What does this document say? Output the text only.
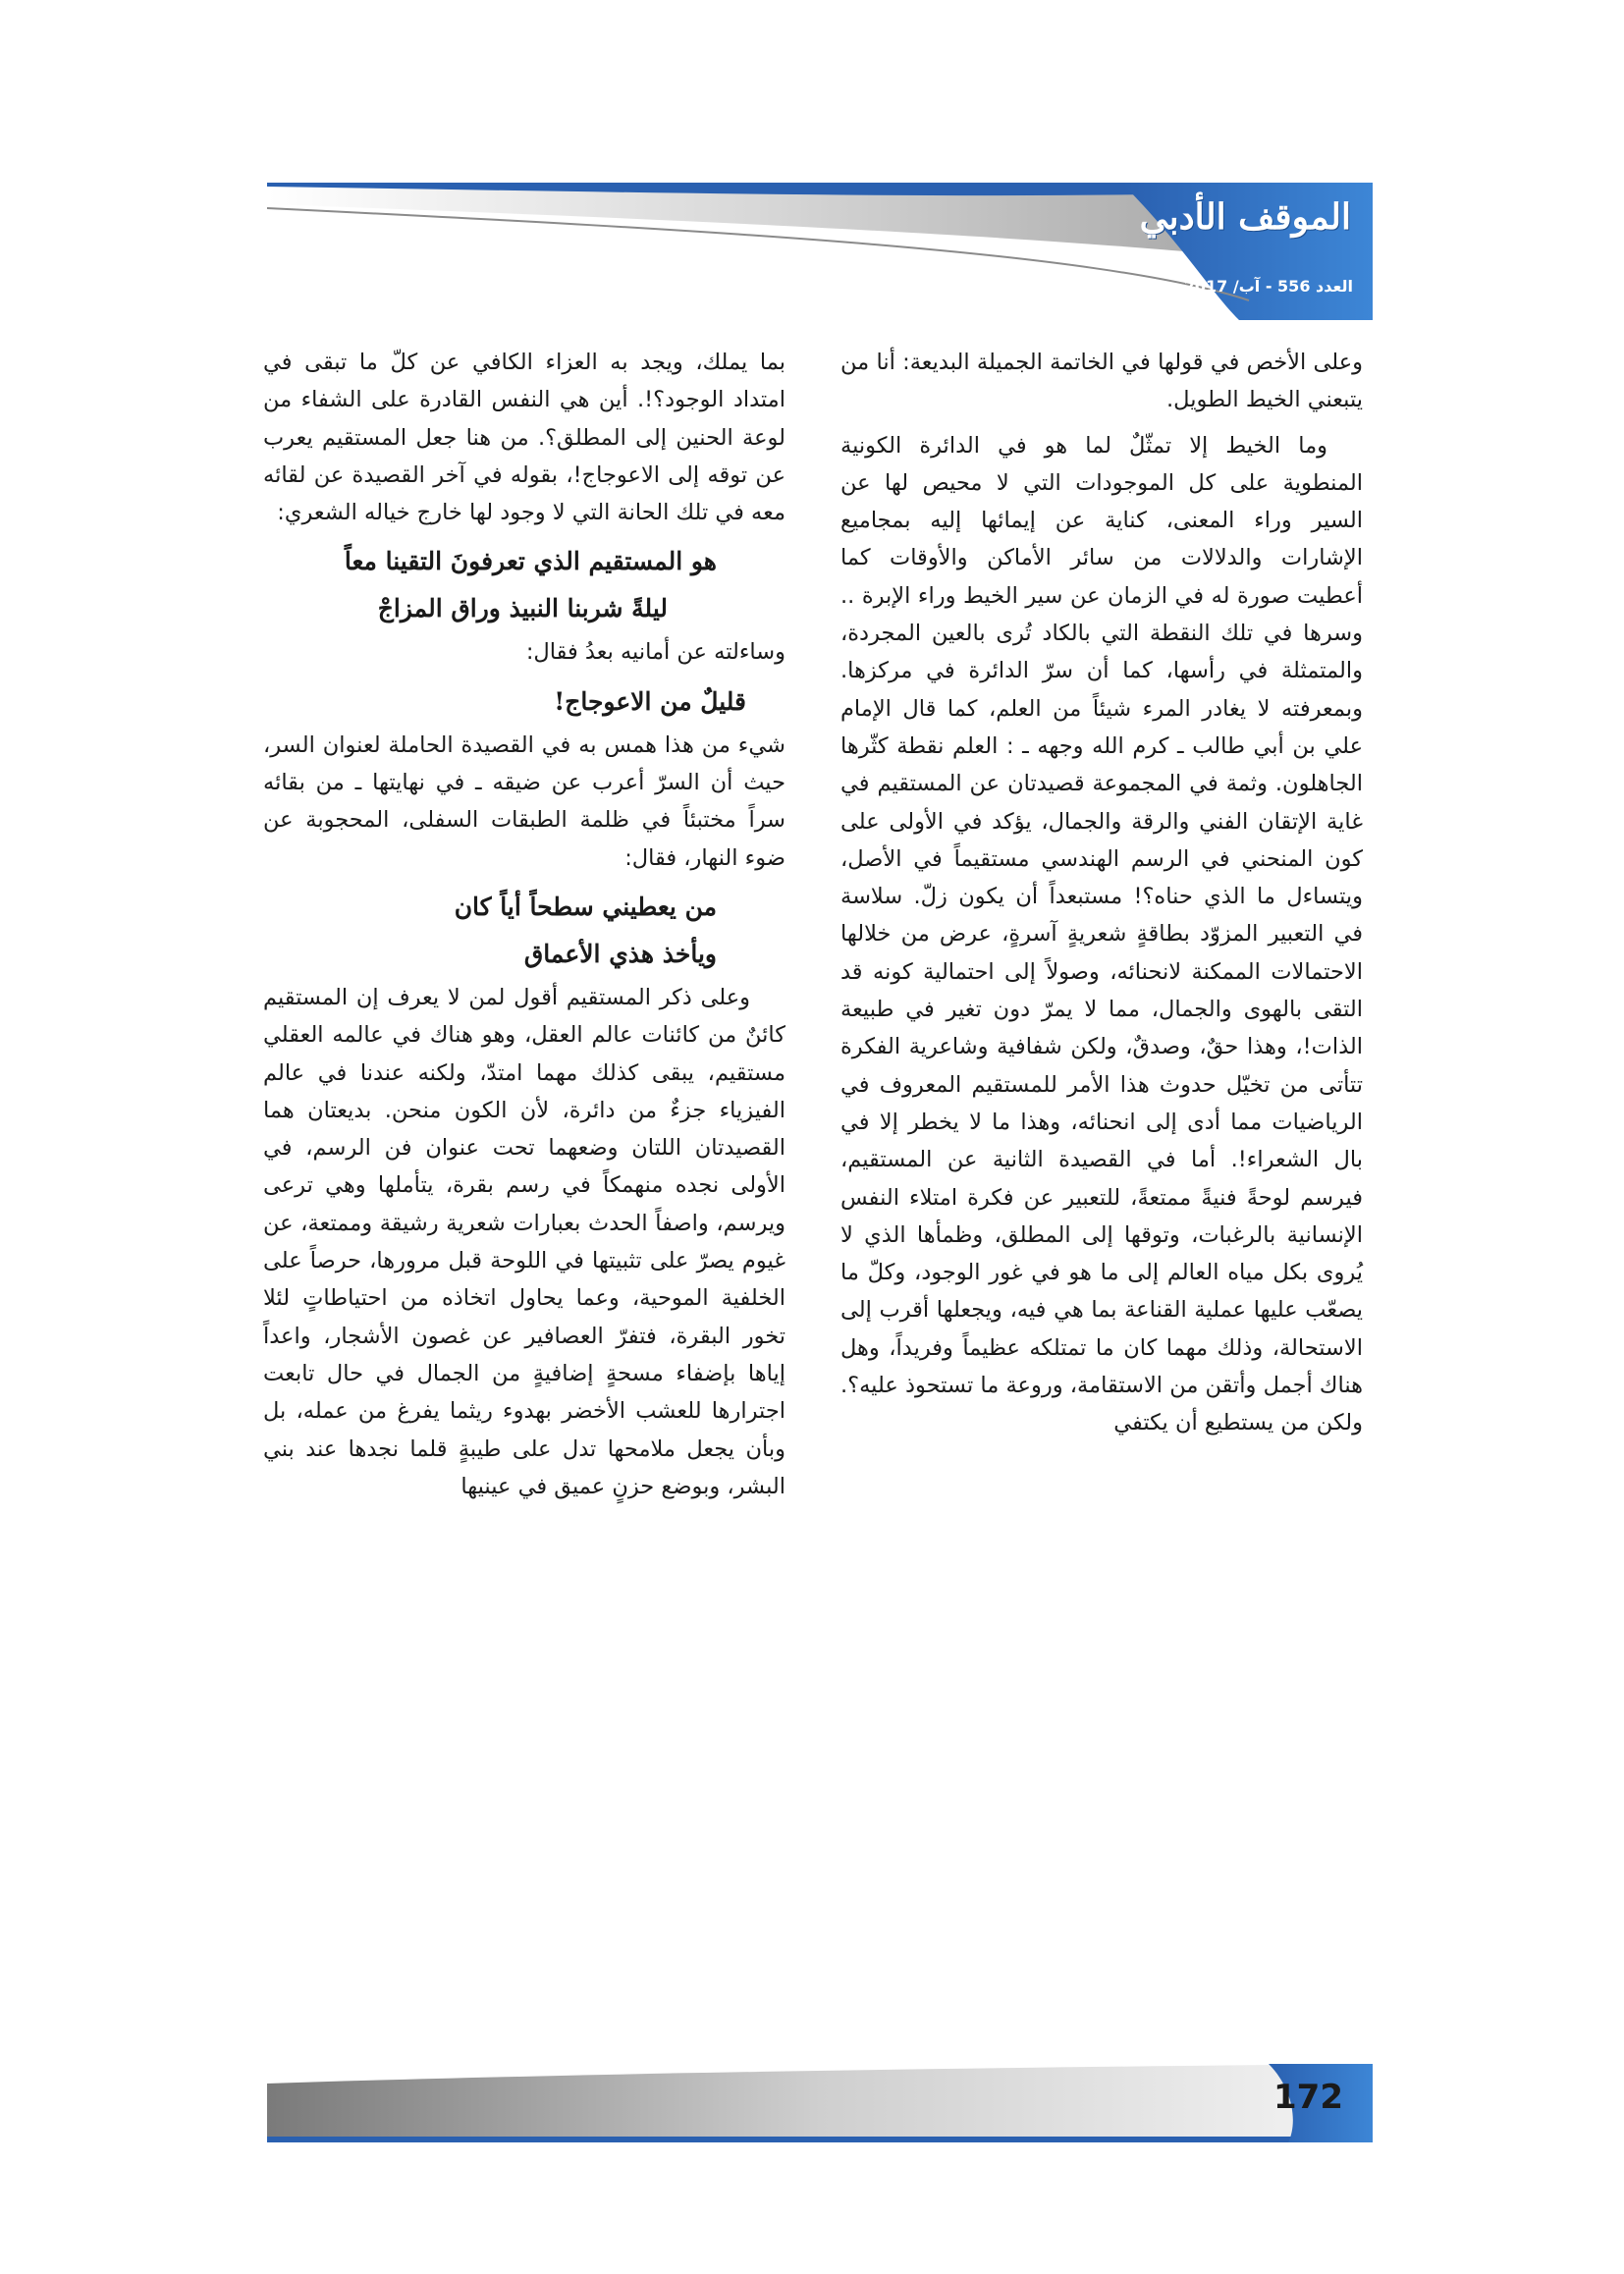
الموقف الأدبي
العدد 556 - آب/ 2017

وعلى الأخص في قولها في الخاتمة الجميلة البديعة: أنا من يتبعني الخيط الطويل.

وما الخيط إلا تمثّلٌ لما هو في الدائرة الكونية المنطوية على كل الموجودات التي لا محيص لها عن السير وراء المعنى، كناية عن إيمائها إليه بمجاميع الإشارات والدلالات من سائر الأماكن والأوقات كما أعطيت صورة له في الزمان عن سير الخيط وراء الإبرة .. وسرها في تلك النقطة التي بالكاد تُرى بالعين المجردة، والمتمثلة في رأسها، كما أن سرّ الدائرة في مركزها. وبمعرفته لا يغادر المرء شيئاً من العلم، كما قال الإمام علي بن أبي طالب ـ كرم الله وجهه ـ : العلم نقطة كثّرها الجاهلون. وثمة في المجموعة قصيدتان عن المستقيم في غاية الإتقان الفني والرقة والجمال، يؤكد في الأولى على كون المنحني في الرسم الهندسي مستقيماً في الأصل، ويتساءل ما الذي حناه؟! مستبعداً أن يكون زلّ. سلاسة في التعبير المزوّد بطاقةٍ شعريةٍ آسرةٍ، عرض من خلالها الاحتمالات الممكنة لانحنائه، وصولاً إلى احتمالية كونه قد التقى بالهوى والجمال، مما لا يمرّ دون تغير في طبيعة الذات!، وهذا حقٌ، وصدقٌ، ولكن شفافية وشاعرية الفكرة تتأتى من تخيّل حدوث هذا الأمر للمستقيم المعروف في الرياضيات مما أدى إلى انحنائه، وهذا ما لا يخطر إلا في بال الشعراء!. أما في القصيدة الثانية عن المستقيم، فيرسم لوحةً فنيةً ممتعةً، للتعبير عن فكرة امتلاء النفس الإنسانية بالرغبات، وتوقها إلى المطلق، وظمأها الذي لا يُروى بكل مياه العالم إلى ما هو في غور الوجود، وكلّ ما يصعّب عليها عملية القناعة بما هي فيه، ويجعلها أقرب إلى الاستحالة، وذلك مهما كان ما تمتلكه عظيماً وفريداً، وهل هناك أجمل وأتقن من الاستقامة، وروعة ما تستحوذ عليه؟. ولكن من يستطيع أن يكتفي

بما يملك، ويجد به العزاء الكافي عن كلّ ما تبقى في امتداد الوجود؟!. أين هي النفس القادرة على الشفاء من لوعة الحنين إلى المطلق؟. من هنا جعل المستقيم يعرب عن توقه إلى الاعوجاج!، بقوله في آخر القصيدة عن لقائه معه في تلك الحانة التي لا وجود لها خارج خياله الشعري:

هو المستقيم الذي تعرفونَ التقينا معاً
ليلةً شربنا النبيذ وراق المزاجْ

وساءلته عن أمانيه بعدُ فقال:

قليلٌ من الاعوجاج!

شيء من هذا همس به في القصيدة الحاملة لعنوان السر، حيث أن السرّ أعرب عن ضيقه ـ في نهايتها ـ من بقائه سراً مختبئاً في ظلمة الطبقات السفلى، المحجوبة عن ضوء النهار، فقال:

من يعطيني سطحاً أياً كان
ويأخذ هذي الأعماق

وعلى ذكر المستقيم أقول لمن لا يعرف إن المستقيم كائنٌ من كائنات عالم العقل، وهو هناك في عالمه العقلي مستقيم، يبقى كذلك مهما امتدّ، ولكنه عندنا في عالم الفيزياء جزءٌ من دائرة، لأن الكون منحن. بديعتان هما القصيدتان اللتان وضعهما تحت عنوان فن الرسم، في الأولى نجده منهمكاً في رسم بقرة، يتأملها وهي ترعى ويرسم، واصفاً الحدث بعبارات شعرية رشيقة وممتعة، عن غيوم يصرّ على تثبيتها في اللوحة قبل مرورها، حرصاً على الخلفية الموحية، وعما يحاول اتخاذه من احتياطاتٍ لئلا تخور البقرة، فتفرّ العصافير عن غصون الأشجار، واعداً إياها بإضفاء مسحةٍ إضافيةٍ من الجمال في حال تابعت اجترارها للعشب الأخضر بهدوء ريثما يفرغ من عمله، بل وبأن يجعل ملامحها تدل على طيبةٍ قلما نجدها عند بني البشر، وبوضع حزنٍ عميق في عينيها

172
